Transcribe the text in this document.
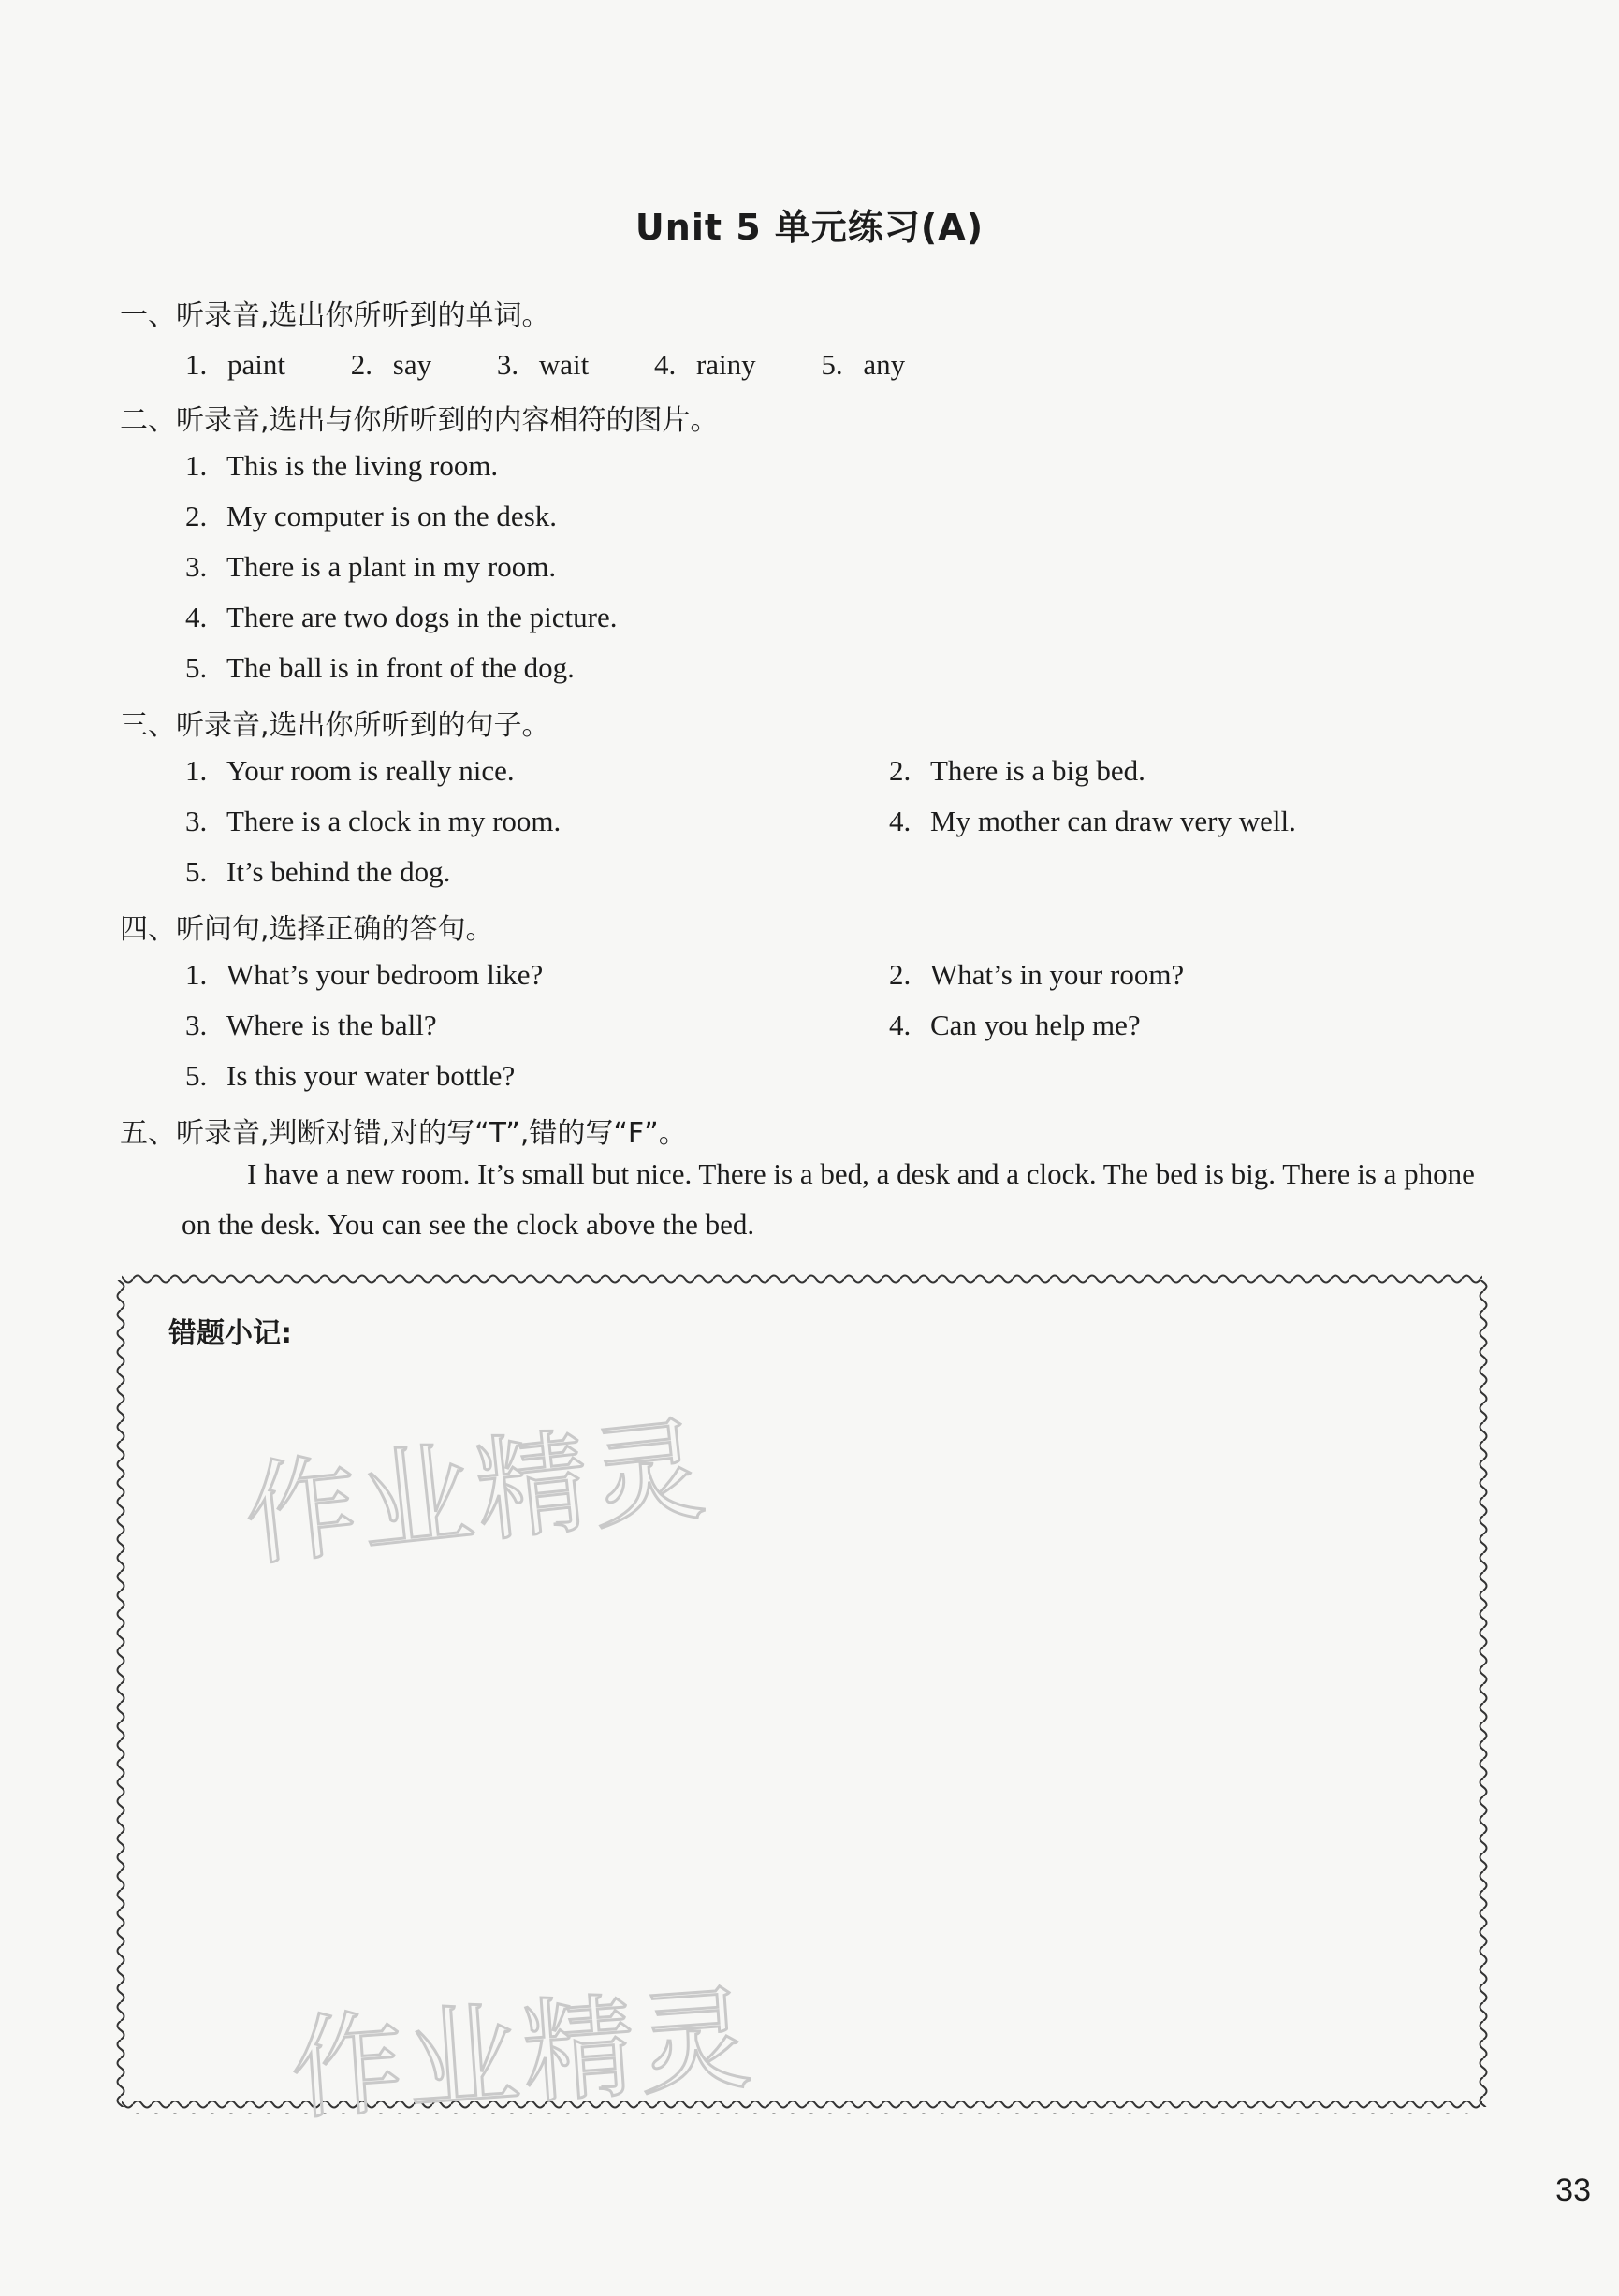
Unit 5 单元练习(A)
一、听录音,选出你所听到的单词。
1. paint 2. say 3. wait 4. rainy 5. any
二、听录音,选出与你所听到的内容相符的图片。
1. This is the living room.
2. My computer is on the desk.
3. There is a plant in my room.
4. There are two dogs in the picture.
5. The ball is in front of the dog.
三、听录音,选出你所听到的句子。
1. Your room is really nice.	2. There is a big bed.
3. There is a clock in my room.	4. My mother can draw very well.
5. It’s behind the dog.
四、听问句,选择正确的答句。
1. What’s your bedroom like?	2. What’s in your room?
3. Where is the ball?	4. Can you help me?
5. Is this your water bottle?
五、听录音,判断对错,对的写“T”,错的写“F”。
I have a new room. It’s small but nice. There is a bed, a desk and a clock. The bed is big. There is a phone on the desk. You can see the clock above the bed.
错题小记:
作业精灵
作业精灵
33
